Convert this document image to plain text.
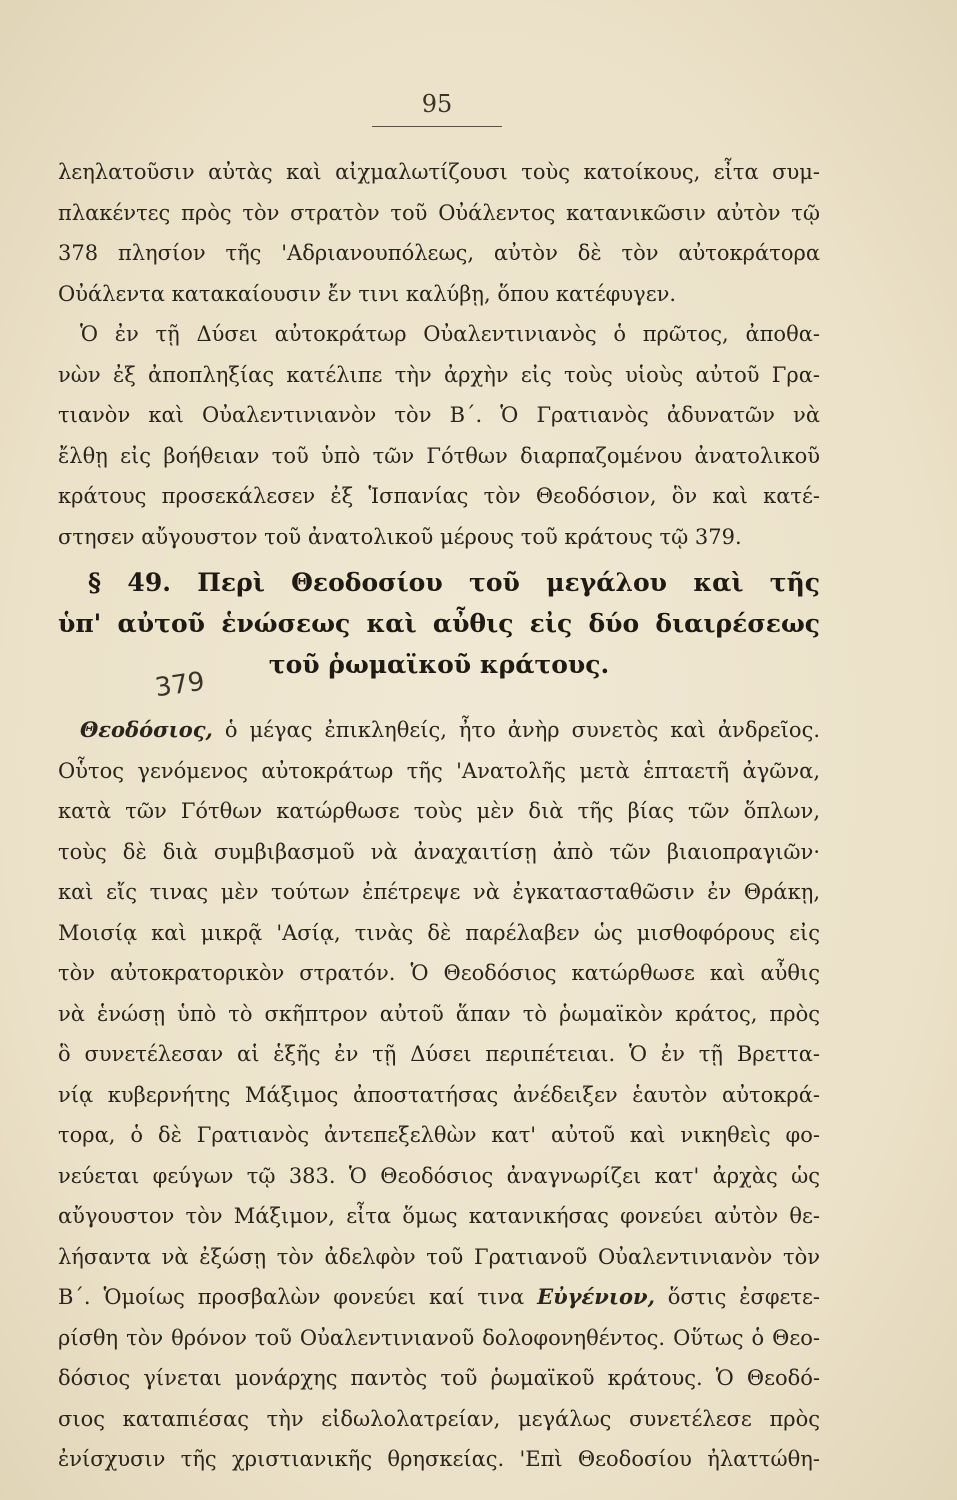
95
λεηλατοῦσιν αὐτὰς καὶ αἰχμαλωτίζουσι τοὺς κατοίκους, εἶτα συμ-
πλακέντες πρὸς τὸν στρατὸν τοῦ Οὐάλεντος κατανικῶσιν αὐτὸν τῷ
378 πλησίον τῆς 'Αδριανουπόλεως, αὐτὸν δὲ τὸν αὐτοκράτορα
Οὐάλεντα κατακαίουσιν ἔν τινι καλύβῃ, ὅπου κατέφυγεν.
Ὁ ἐν τῇ Δύσει αὐτοκράτωρ Οὐαλεντινιανὸς ὁ πρῶτος, ἀποθα-
νὼν ἐξ ἀποπληξίας κατέλιπε τὴν ἀρχὴν εἰς τοὺς υἱοὺς αὐτοῦ Γρα-
τιανὸν καὶ Οὐαλεντινιανὸν τὸν Β΄. Ὁ Γρατιανὸς ἀδυνατῶν νὰ
ἔλθῃ εἰς βοήθειαν τοῦ ὑπὸ τῶν Γότθων διαρπαζομένου ἀνατολικοῦ
κράτους προσεκάλεσεν ἐξ Ἱσπανίας τὸν Θεοδόσιον, ὃν καὶ κατέ-
στησεν αὔγουστον τοῦ ἀνατολικοῦ μέρους τοῦ κράτους τῷ 379.
§ 49. Περὶ Θεοδοσίου τοῦ μεγάλου καὶ τῆς
ὑπ' αὐτοῦ ἑνώσεως καὶ αὖθις εἰς δύο διαιρέσεως
τοῦ ῥωμαϊκοῦ κράτους.
379
Θεοδόσιος, ὁ μέγας ἐπικληθείς, ἦτο ἀνὴρ συνετὸς καὶ ἀνδρεῖος.
Οὗτος γενόμενος αὐτοκράτωρ τῆς 'Ανατολῆς μετὰ ἑπταετῆ ἀγῶνα,
κατὰ τῶν Γότθων κατώρθωσε τοὺς μὲν διὰ τῆς βίας τῶν ὅπλων,
τοὺς δὲ διὰ συμβιβασμοῦ νὰ ἀναχαιτίσῃ ἀπὸ τῶν βιαιοπραγιῶν·
καὶ εἴς τινας μὲν τούτων ἐπέτρεψε νὰ ἐγκατασταθῶσιν ἐν Θράκῃ,
Μοισίᾳ καὶ μικρᾷ 'Ασίᾳ, τινὰς δὲ παρέλαβεν ὡς μισθοφόρους εἰς
τὸν αὐτοκρατορικὸν στρατόν. Ὁ Θεοδόσιος κατώρθωσε καὶ αὖθις
νὰ ἑνώσῃ ὑπὸ τὸ σκῆπτρον αὐτοῦ ἅπαν τὸ ῥωμαϊκὸν κράτος, πρὸς
ὃ συνετέλεσαν αἱ ἑξῆς ἐν τῇ Δύσει περιπέτειαι. Ὁ ἐν τῇ Βρεττα-
νίᾳ κυβερνήτης Μάξιμος ἀποστατήσας ἀνέδειξεν ἑαυτὸν αὐτοκρά-
τορα, ὁ δὲ Γρατιανὸς ἀντεπεξελθὼν κατ' αὐτοῦ καὶ νικηθεὶς φο-
νεύεται φεύγων τῷ 383. Ὁ Θεοδόσιος ἀναγνωρίζει κατ' ἀρχὰς ὡς
αὔγουστον τὸν Μάξιμον, εἶτα ὅμως κατανικήσας φονεύει αὐτὸν θε-
λήσαντα νὰ ἐξώσῃ τὸν ἀδελφὸν τοῦ Γρατιανοῦ Οὐαλεντινιανὸν τὸν
Β΄. Ὁμοίως προσβαλὼν φονεύει καί τινα Εὐγένιον, ὅστις ἐσφετε-
ρίσθη τὸν θρόνον τοῦ Οὐαλεντινιανοῦ δολοφονηθέντος. Οὕτως ὁ Θεο-
δόσιος γίνεται μονάρχης παντὸς τοῦ ῥωμαϊκοῦ κράτους. Ὁ Θεοδό-
σιος καταπιέσας τὴν εἰδωλολατρείαν, μεγάλως συνετέλεσε πρὸς
ἐνίσχυσιν τῆς χριστιανικῆς θρησκείας. 'Επὶ Θεοδοσίου ἠλαττώθη-
